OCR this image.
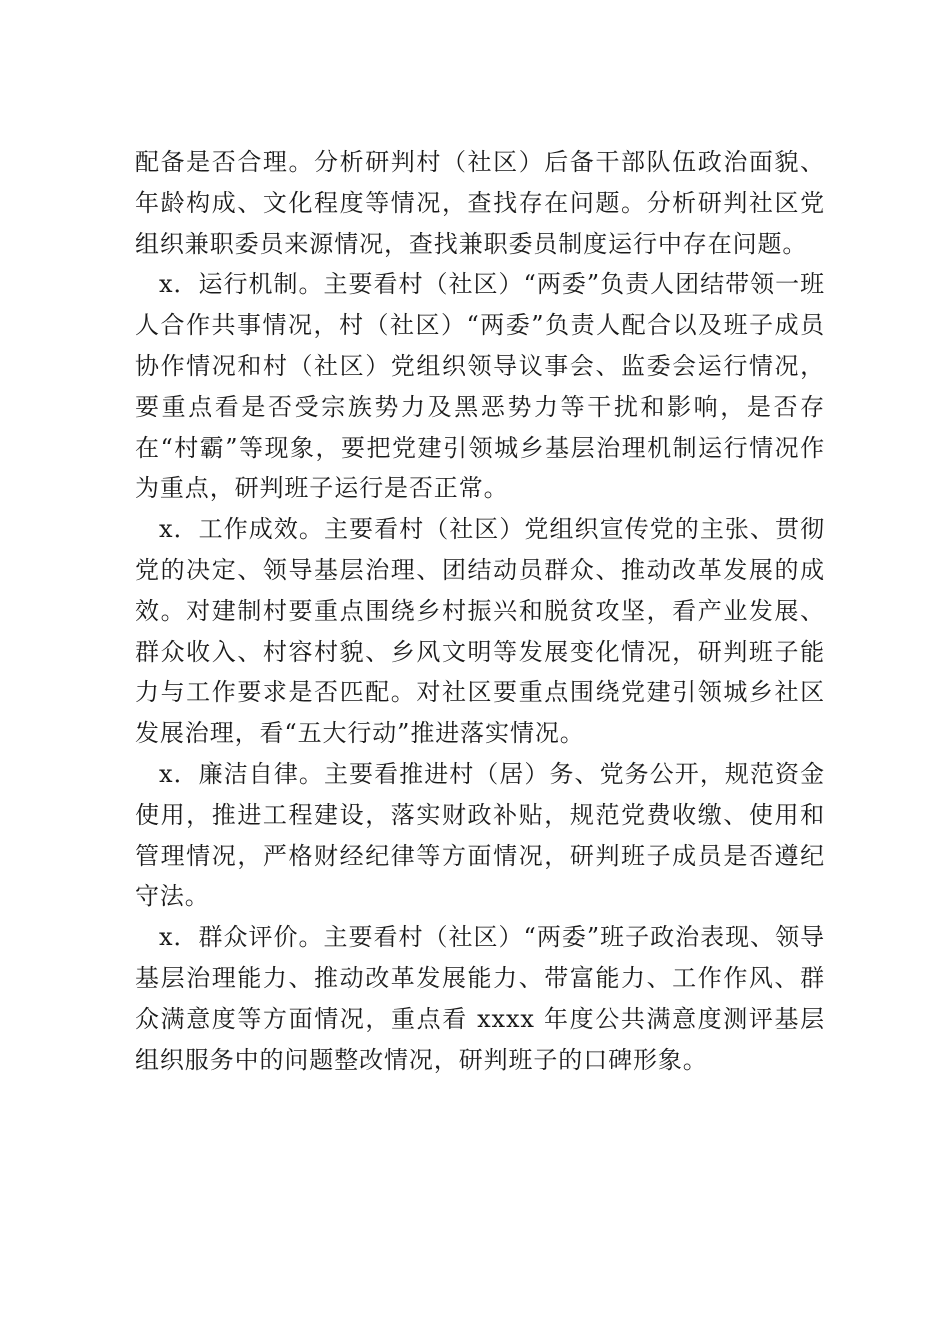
配备是否合理。分析研判村（社区）后备干部队伍政治面貌、年龄构成、文化程度等情况，查找存在问题。分析研判社区党组织兼职委员来源情况，查找兼职委员制度运行中存在问题。

x．运行机制。主要看村（社区）“两委”负责人团结带领一班人合作共事情况，村（社区）“两委”负责人配合以及班子成员协作情况和村（社区）党组织领导议事会、监委会运行情况，要重点看是否受宗族势力及黑恶势力等干扰和影响，是否存在“村霸”等现象，要把党建引领城乡基层治理机制运行情况作为重点，研判班子运行是否正常。

x．工作成效。主要看村（社区）党组织宣传党的主张、贯彻党的决定、领导基层治理、团结动员群众、推动改革发展的成效。对建制村要重点围绕乡村振兴和脱贫攻坚，看产业发展、群众收入、村容村貌、乡风文明等发展变化情况，研判班子能力与工作要求是否匹配。对社区要重点围绕党建引领城乡社区发展治理，看“五大行动”推进落实情况。

x．廉洁自律。主要看推进村（居）务、党务公开，规范资金使用，推进工程建设，落实财政补贴，规范党费收缴、使用和管理情况，严格财经纪律等方面情况，研判班子成员是否遵纪守法。

x．群众评价。主要看村（社区）“两委”班子政治表现、领导基层治理能力、推动改革发展能力、带富能力、工作作风、群众满意度等方面情况，重点看 xxxx 年度公共满意度测评基层组织服务中的问题整改情况，研判班子的口碑形象。
